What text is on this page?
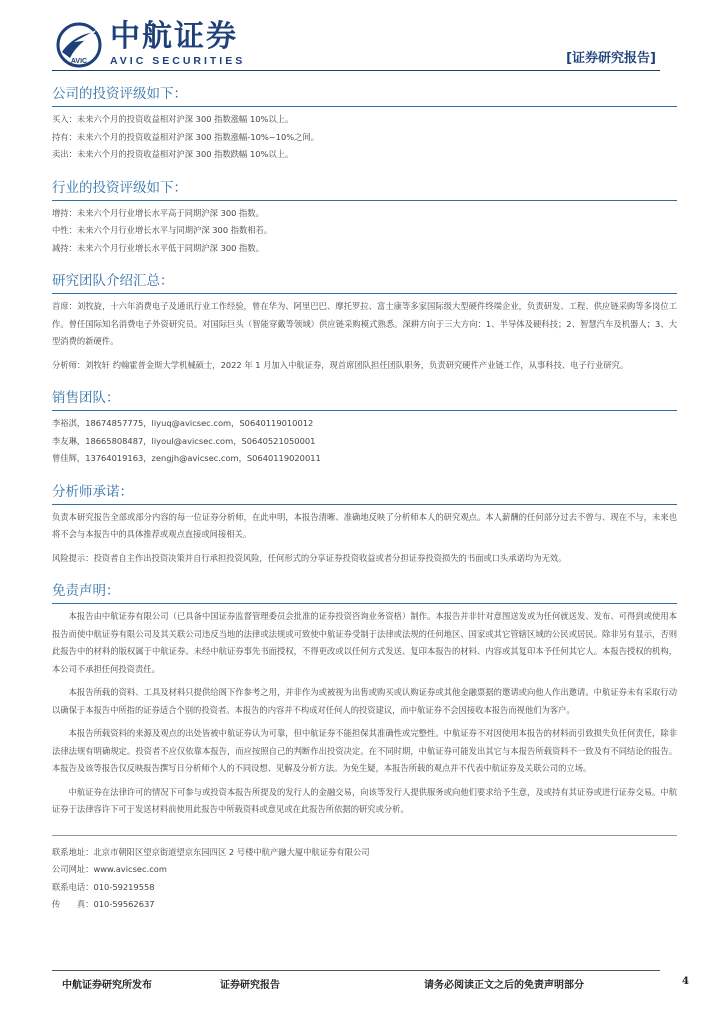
AVIC
中航证券
AVIC SECURITIES	[证券研究报告]
公司的投资评级如下：
买入：未来六个月的投资收益相对沪深 300 指数涨幅 10%以上。
持有：未来六个月的投资收益相对沪深 300 指数涨幅-10%~10%之间。
卖出：未来六个月的投资收益相对沪深 300 指数跌幅 10%以上。
行业的投资评级如下：
增持：未来六个月行业增长水平高于同期沪深 300 指数。
中性：未来六个月行业增长水平与同期沪深 300 指数相若。
减持：未来六个月行业增长水平低于同期沪深 300 指数。
研究团队介绍汇总：

首席：刘牧旋，十六年消费电子及通讯行业工作经验，曾在华为、阿里巴巴、摩托罗拉、富士康等多家国际级大型硬件终端企业，负责研发、工程、供应链采购等多岗位工作。曾任国际知名消费电子外资研究员。对国际巨头（智能穿戴等领域）供应链采购模式熟悉。深耕方向于三大方向：1、半导体及硬科技；2、智慧汽车及机器人；3、大型消费的新硬件。

分析师：刘牧轩 约翰霍普金斯大学机械硕士，2022 年 1 月加入中航证券，现首席团队担任团队职务，负责研究硬件产业链工作，从事科技、电子行业研究。

销售团队：
李裕淇，18674857775，liyuq@avicsec.com，S0640119010012
李友琳，18665808487，liyoul@avicsec.com，S0640521050001
曾佳辉，13764019163，zengjh@avicsec.com，S0640119020011
分析师承诺：

负责本研究报告全部或部分内容的每一位证券分析师，在此申明，本报告清晰、准确地反映了分析师本人的研究观点。本人薪酬的任何部分过去不曾与、现在不与，未来也将不会与本报告中的具体推荐或观点直接或间接相关。

风险提示：投资者自主作出投资决策并自行承担投资风险，任何形式的分享证券投资收益或者分担证券投资损失的书面或口头承诺均为无效。

免责声明：

本报告由中航证券有限公司（已具备中国证券监督管理委员会批准的证券投资咨询业务资格）制作。本报告并非针对意图送发或为任何就送发、发布、可得到或使用本报告而使中航证券有限公司及其关联公司违反当地的法律或法规或可致使中航证券受制于法律或法规的任何地区、国家或其它管辖区域的公民或居民。除非另有显示，否则此报告中的材料的版权属于中航证券。未经中航证券事先书面授权，不得更改或以任何方式发送、复印本报告的材料、内容或其复印本予任何其它人。本报告授权的机构，本公司不承担任何投资责任。

本报告所载的资料、工具及材料只提供给阁下作参考之用，并非作为或被视为出售或购买或认购证券或其他金融票据的邀请或向他人作出邀请。中航证券未有采取行动以确保于本报告中所指的证券适合个别的投资者。本报告的内容并不构成对任何人的投资建议，而中航证券不会因接收本报告而视他们为客户。

本报告所载资料的来源及观点的出处皆被中航证券认为可靠，但中航证券不能担保其准确性或完整性。中航证券不对因使用本报告的材料而引致损失负任何责任，除非法律法规有明确规定。投资者不应仅依靠本报告，而应按照自己的判断作出投资决定。在不同时期，中航证券可能发出其它与本报告所载资料不一致及有不同结论的报告。本报告及该等报告仅反映报告撰写日分析师个人的不同设想、见解及分析方法。为免生疑，本报告所载的观点并不代表中航证券及关联公司的立场。

中航证券在法律许可的情况下可参与或投资本报告所提及的发行人的金融交易，向该等发行人提供服务或向他们要求给予生意，及或持有其证券或进行证券交易。中航证券于法律容许下可于发送材料前使用此报告中所载资料或意见或在此报告所依据的研究或分析。

联系地址：北京市朝阳区望京街道望京东园四区 2 号楼中航产融大厦中航证券有限公司
公司网址：www.avicsec.com
联系电话：010-59219558
传　　真：010-59562637
中航证券研究所发布	证券研究报告	请务必阅读正文之后的免责声明部分	4
